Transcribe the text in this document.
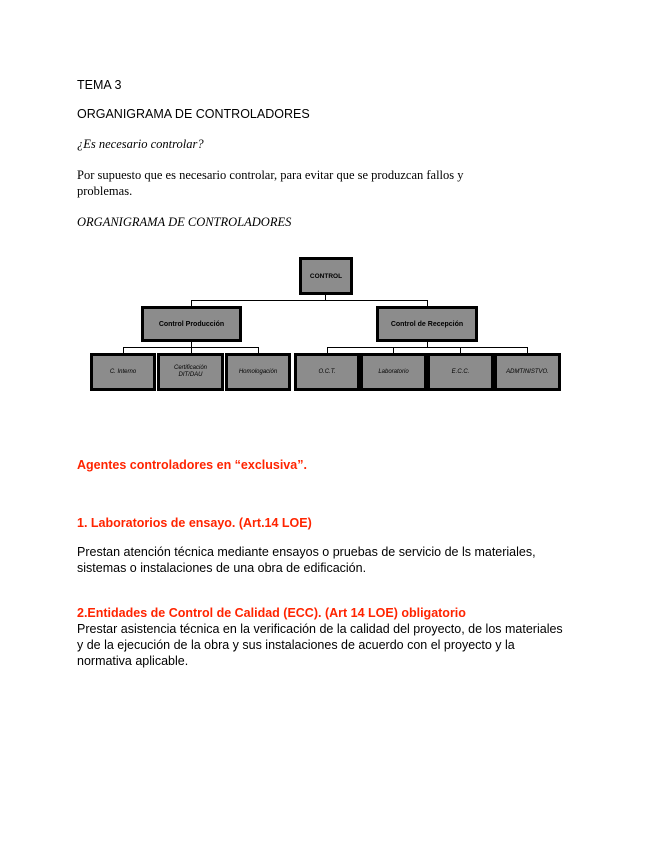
TEMA 3
ORGANIGRAMA DE CONTROLADORES
¿Es necesario controlar?
Por supuesto que es necesario controlar, para evitar que se produzcan fallos y
problemas.
ORGANIGRAMA DE CONTROLADORES
CONTROL
Control Producción	Control de Recepción
C. Interno
Certificación DIT/DAU
Homologación	O.C.T.	Laboratorio	E.C.C.	ADMTINISTVO.
Agentes controladores en “exclusiva”.
1. Laboratorios de ensayo. (Art.14 LOE)
Prestan atención técnica mediante ensayos o pruebas de servicio de ls materiales,
sistemas o instalaciones de una obra de edificación.
2.Entidades de Control de Calidad (ECC). (Art 14 LOE) obligatorio
Prestar asistencia técnica en la verificación de la calidad del proyecto, de los materiales
y de la ejecución de la obra y sus instalaciones de acuerdo con el proyecto y la
normativa aplicable.
